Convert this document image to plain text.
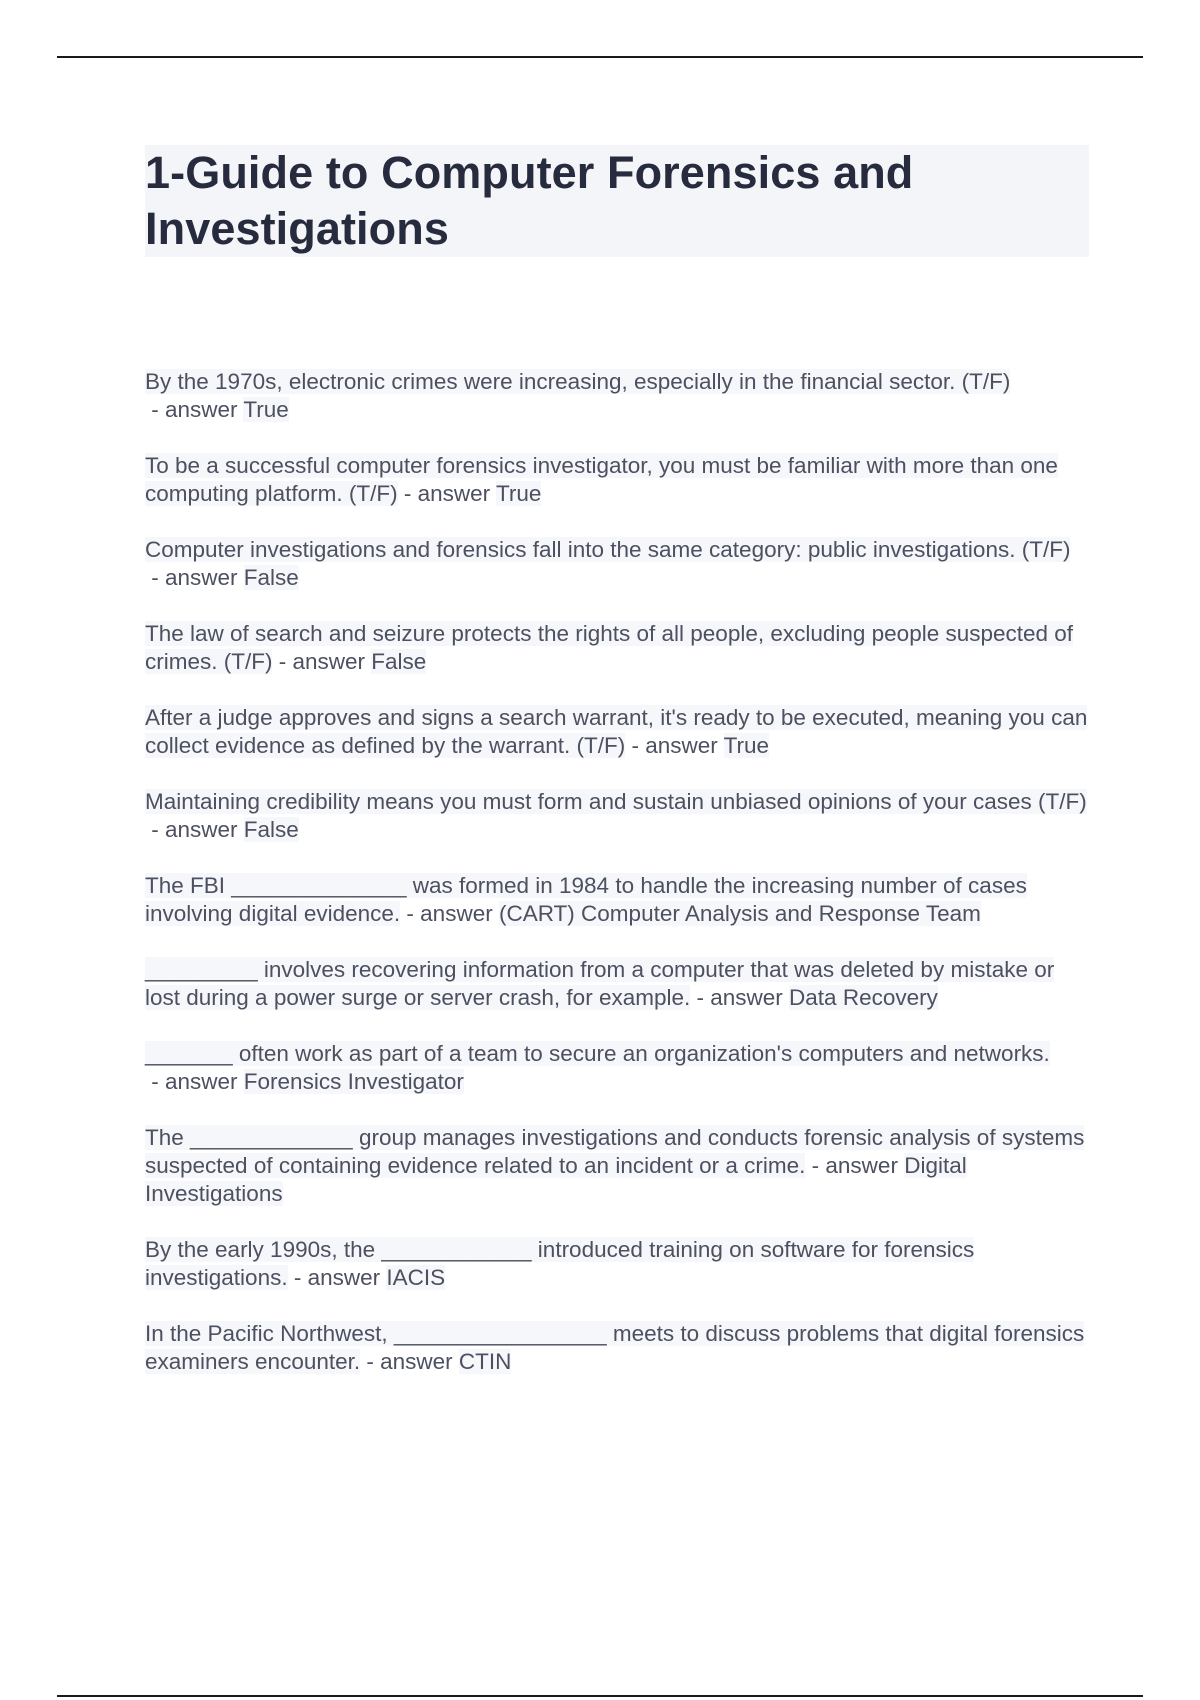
1-Guide to Computer Forensics and Investigations

By the 1970s, electronic crimes were increasing, especially in the financial sector. (T/F) - answer True

To be a successful computer forensics investigator, you must be familiar with more than one computing platform. (T/F) - answer True

Computer investigations and forensics fall into the same category: public investigations. (T/F) - answer False

The law of search and seizure protects the rights of all people, excluding people suspected of crimes. (T/F) - answer False

After a judge approves and signs a search warrant, it's ready to be executed, meaning you can collect evidence as defined by the warrant. (T/F) - answer True

Maintaining credibility means you must form and sustain unbiased opinions of your cases (T/F) - answer False

The FBI ______________ was formed in 1984 to handle the increasing number of cases involving digital evidence. - answer (CART) Computer Analysis and Response Team

_________ involves recovering information from a computer that was deleted by mistake or lost during a power surge or server crash, for example. - answer Data Recovery

_______ often work as part of a team to secure an organization's computers and networks. - answer Forensics Investigator

The _____________ group manages investigations and conducts forensic analysis of systems suspected of containing evidence related to an incident or a crime. - answer Digital Investigations

By the early 1990s, the ____________ introduced training on software for forensics investigations. - answer IACIS

In the Pacific Northwest, _________________ meets to discuss problems that digital forensics examiners encounter. - answer CTIN
